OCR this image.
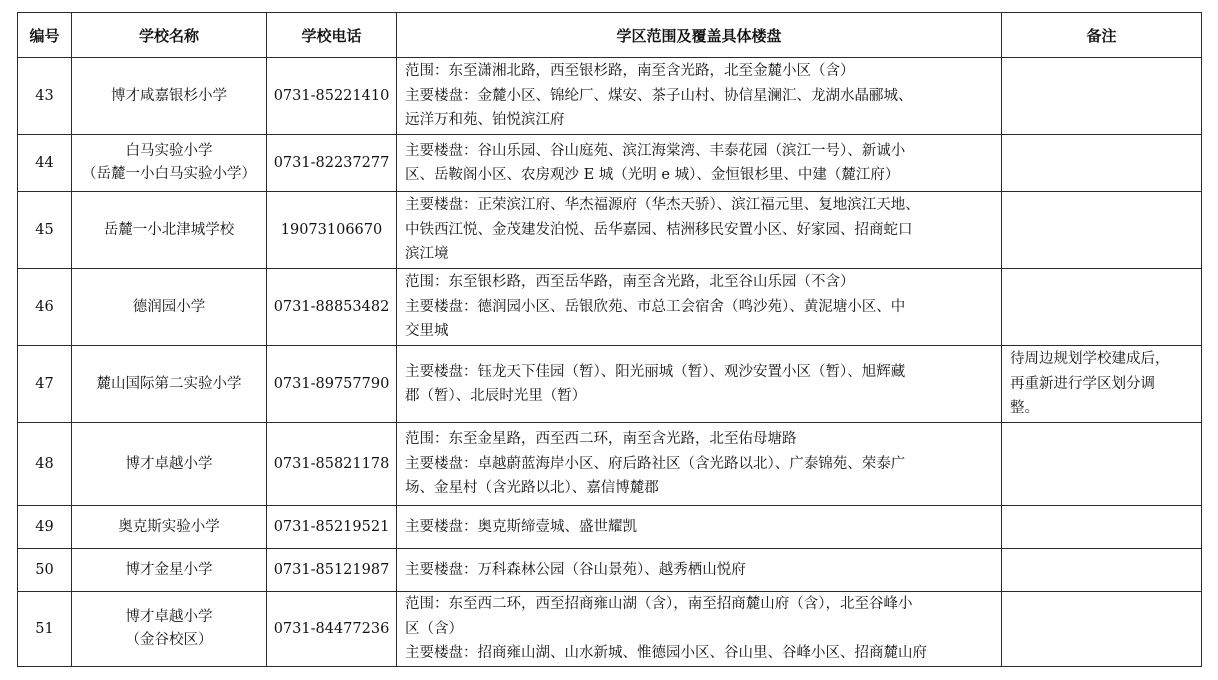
编号	学校名称	学校电话	学区范围及覆盖具体楼盘	备注
43	博才咸嘉银杉小学	0731-85221410	范围：东至潇湘北路，西至银杉路，南至含光路，北至金麓小区（含）
主要楼盘：金麓小区、锦纶厂、煤安、茶子山村、协信星澜汇、龙湖水晶郦城、
远洋万和苑、铂悦滨江府	

44	白马实验小学
（岳麓一小白马实验小学）	0731-82237277	主要楼盘：谷山乐园、谷山庭苑、滨江海棠湾、丰泰花园（滨江一号）、新诚小
区、岳鞍阁小区、农房观沙 E 城（光明 e 城）、金恒银杉里、中建（麓江府）	

45	岳麓一小北津城学校	19073106670	主要楼盘：正荣滨江府、华杰福源府（华杰天骄）、滨江福元里、复地滨江天地、
中铁西江悦、金茂建发泊悦、岳华嘉园、桔洲移民安置小区、好家园、招商蛇口
滨江境	

46	德润园小学	0731-88853482	范围：东至银杉路，西至岳华路，南至含光路，北至谷山乐园（不含）
主要楼盘：德润园小区、岳银欣苑、市总工会宿舍（鸣沙苑）、黄泥塘小区、中
交里城	

47	麓山国际第二实验小学	0731-89757790	主要楼盘：钰龙天下佳园（暂）、阳光丽城（暂）、观沙安置小区（暂）、旭辉藏
郡（暂）、北辰时光里（暂）	待周边规划学校建成后，
再重新进行学区划分调
整。

48	博才卓越小学	0731-85821178	范围：东至金星路，西至西二环，南至含光路，北至佑母塘路
主要楼盘：卓越蔚蓝海岸小区、府后路社区（含光路以北）、广泰锦苑、荣泰广
场、金星村（含光路以北）、嘉信博麓郡	

49	奥克斯实验小学	0731-85219521	主要楼盘：奥克斯缔壹城、盛世耀凯	

50	博才金星小学	0731-85121987	主要楼盘：万科森林公园（谷山景苑）、越秀栖山悦府	

51	博才卓越小学
（金谷校区）	0731-84477236	范围：东至西二环，西至招商雍山湖（含），南至招商麓山府（含），北至谷峰小
区（含）
主要楼盘：招商雍山湖、山水新城、惟德园小区、谷山里、谷峰小区、招商麓山府	
